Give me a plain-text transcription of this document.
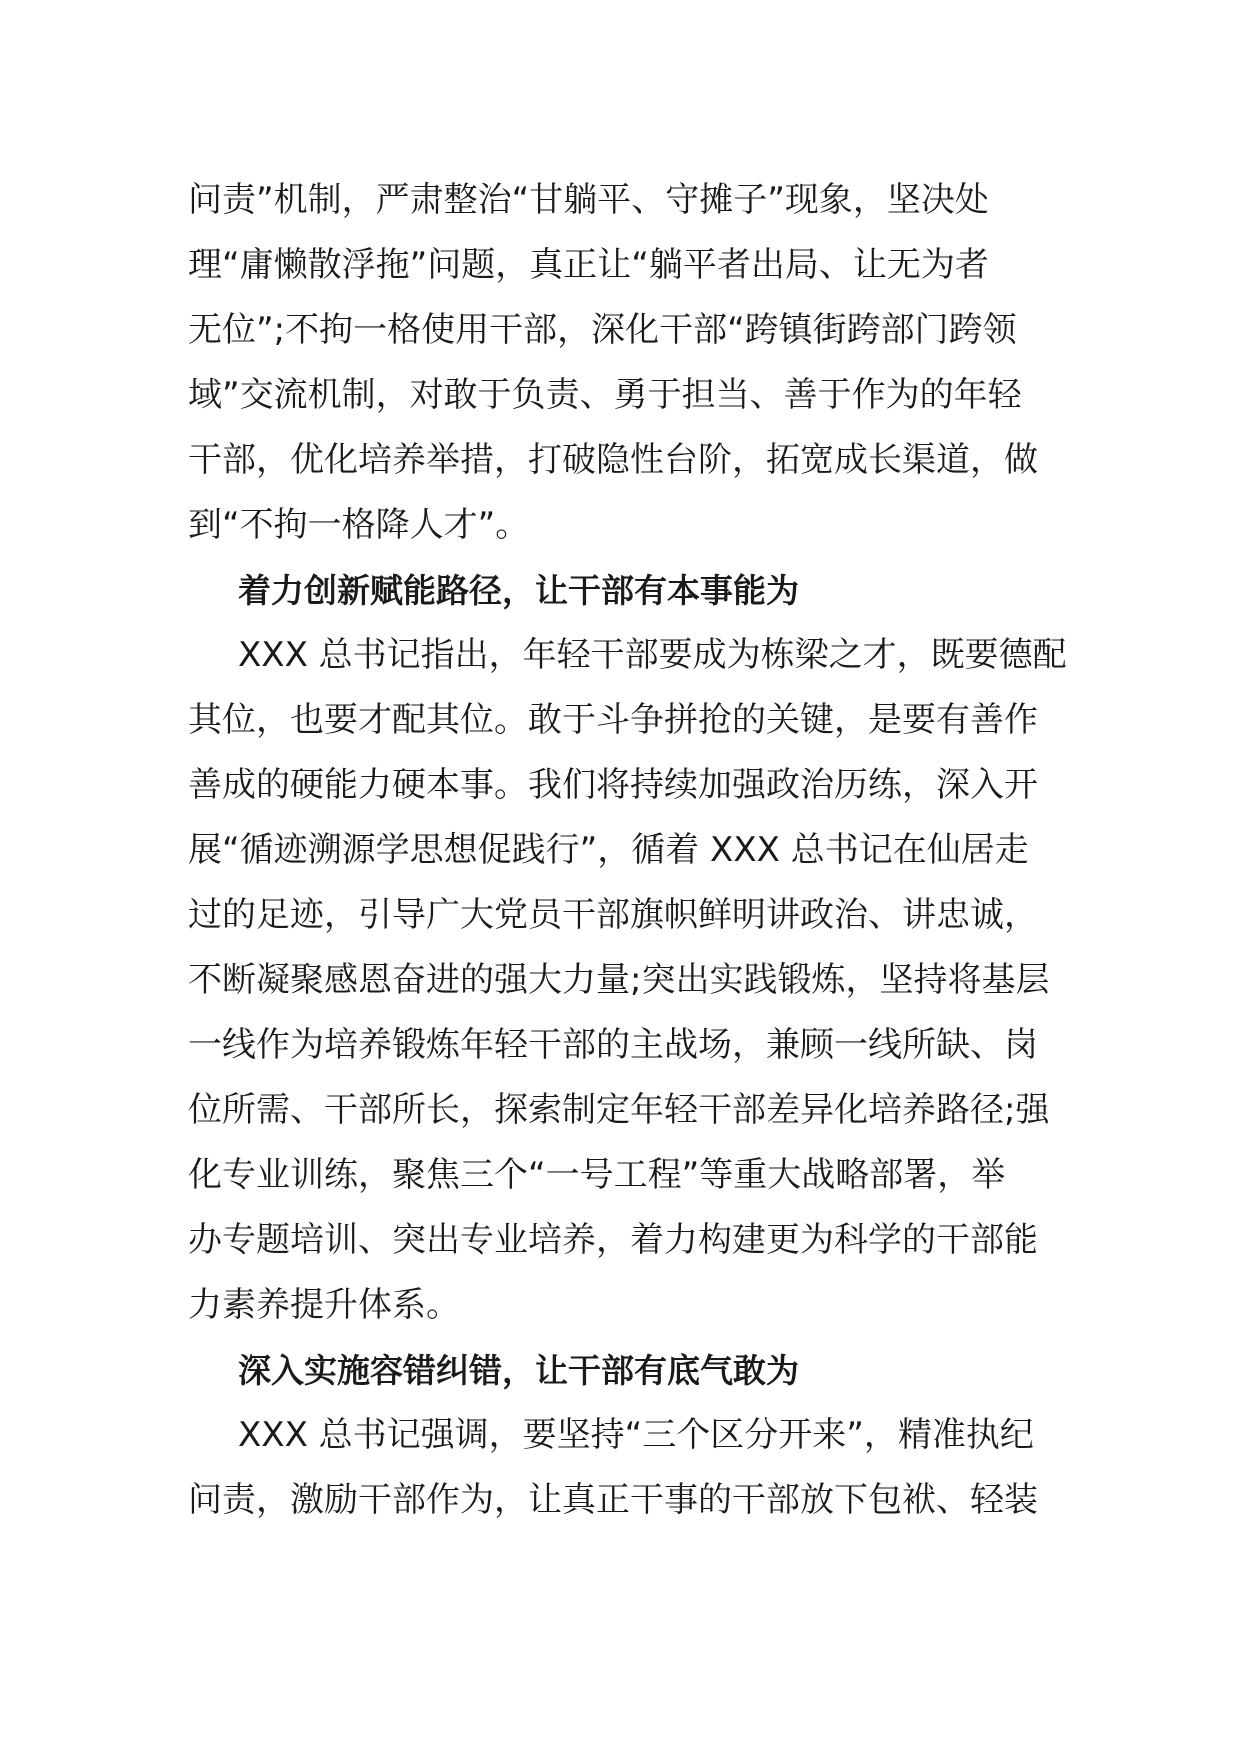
问责”机制，严肃整治“甘躺平、守摊子”现象，坚决处
理“庸懒散浮拖”问题，真正让“躺平者出局、让无为者
无位”;不拘一格使用干部，深化干部“跨镇街跨部门跨领
域”交流机制，对敢于负责、勇于担当、善于作为的年轻
干部，优化培养举措，打破隐性台阶，拓宽成长渠道，做
到“不拘一格降人才”。
着力创新赋能路径，让干部有本事能为
XXX 总书记指出，年轻干部要成为栋梁之才，既要德配
其位，也要才配其位。敢于斗争拼抢的关键，是要有善作
善成的硬能力硬本事。我们将持续加强政治历练，深入开
展“循迹溯源学思想促践行”，循着 XXX 总书记在仙居走
过的足迹，引导广大党员干部旗帜鲜明讲政治、讲忠诚，
不断凝聚感恩奋进的强大力量;突出实践锻炼，坚持将基层
一线作为培养锻炼年轻干部的主战场，兼顾一线所缺、岗
位所需、干部所长，探索制定年轻干部差异化培养路径;强
化专业训练，聚焦三个“一号工程”等重大战略部署，举
办专题培训、突出专业培养，着力构建更为科学的干部能
力素养提升体系。
深入实施容错纠错，让干部有底气敢为
XXX 总书记强调，要坚持“三个区分开来”，精准执纪
问责，激励干部作为，让真正干事的干部放下包袱、轻装
